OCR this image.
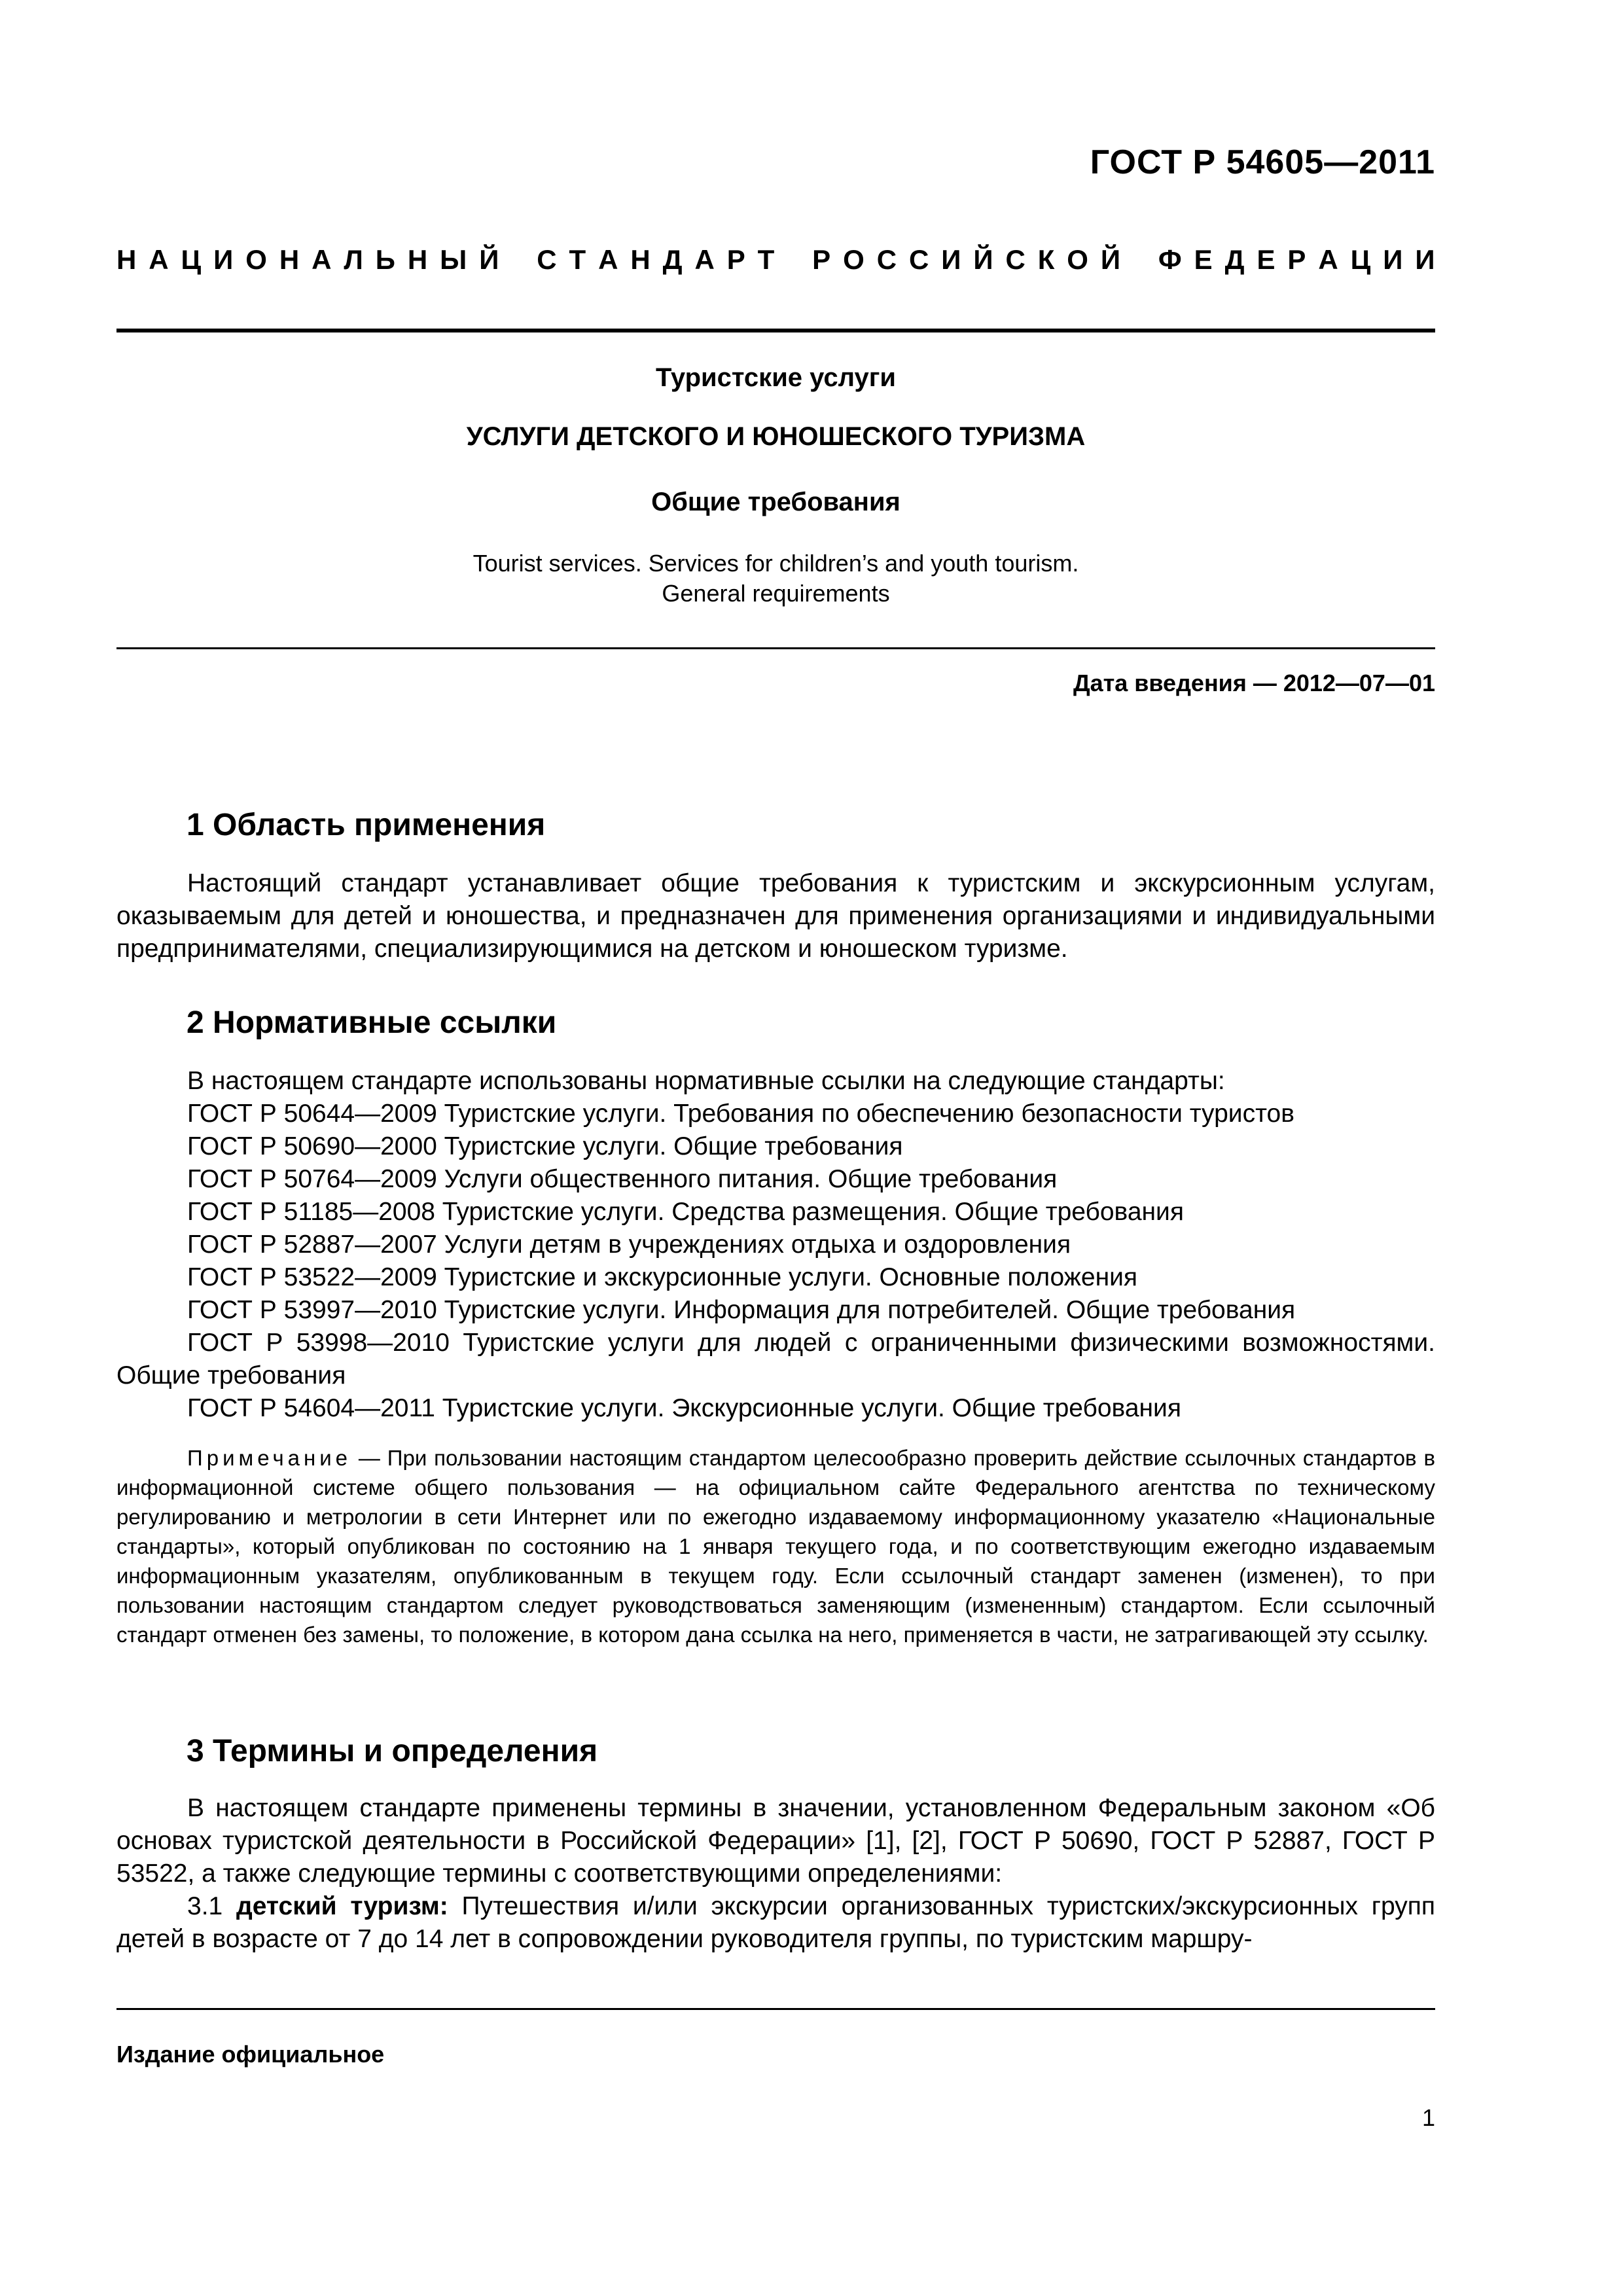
ГОСТ Р 54605—2011
Н А Ц И О Н А Л Ь Н Ы Й
С Т А Н Д А Р Т
Р О С С И Й С К О Й
Ф Е Д Е Р А Ц И И
Туристские услуги
УСЛУГИ ДЕТСКОГО И ЮНОШЕСКОГО ТУРИЗМА
Общие требования
Tourist services. Services for children’s and youth tourism.
General requirements
Дата введения — 2012—07—01
1 Область применения

Настоящий стандарт устанавливает общие требования к туристским и экскурсионным услугам, оказываемым для детей и юношества, и предназначен для применения организациями и индивидуальными предпринимателями, специализирующимися на детском и юношеском туризме.

2 Нормативные ссылки

В настоящем стандарте использованы нормативные ссылки на следующие стандарты:

ГОСТ Р 50644—2009 Туристские услуги. Требования по обеспечению безопасности туристов

ГОСТ Р 50690—2000 Туристские услуги. Общие требования

ГОСТ Р 50764—2009 Услуги общественного питания. Общие требования

ГОСТ Р 51185—2008 Туристские услуги. Средства размещения. Общие требования

ГОСТ Р 52887—2007 Услуги детям в учреждениях отдыха и оздоровления

ГОСТ Р 53522—2009 Туристские и экскурсионные услуги. Основные положения

ГОСТ Р 53997—2010 Туристские услуги. Информация для потребителей. Общие требования

ГОСТ Р 53998—2010 Туристские услуги для людей с ограниченными физическими возможностями. Общие требования

ГОСТ Р 54604—2011 Туристские услуги. Экскурсионные услуги. Общие требования

Примечание — При пользовании настоящим стандартом целесообразно проверить действие ссылочных стандартов в информационной системе общего пользования — на официальном сайте Федерального агентства по техническому регулированию и метрологии в сети Интернет или по ежегодно издаваемому информационному указателю «Национальные стандарты», который опубликован по состоянию на 1 января текущего года, и по соответствующим ежегодно издаваемым информационным указателям, опубликованным в текущем году. Если ссылочный стандарт заменен (изменен), то при пользовании настоящим стандартом следует руководствоваться заменяющим (измененным) стандартом. Если ссылочный стандарт отменен без замены, то положение, в котором дана ссылка на него, применяется в части, не затрагивающей эту ссылку.

3 Термины и определения

В настоящем стандарте применены термины в значении, установленном Федеральным законом «Об основах туристской деятельности в Российской Федерации» [1], [2], ГОСТ Р 50690, ГОСТ Р 52887, ГОСТ Р 53522, а также следующие термины с соответствующими определениями:

3.1 детский туризм: Путешествия и/или экскурсии организованных туристских/экскурсионных групп детей в возрасте от 7 до 14 лет в сопровождении руководителя группы, по туристским маршру-

Издание официальное
1
